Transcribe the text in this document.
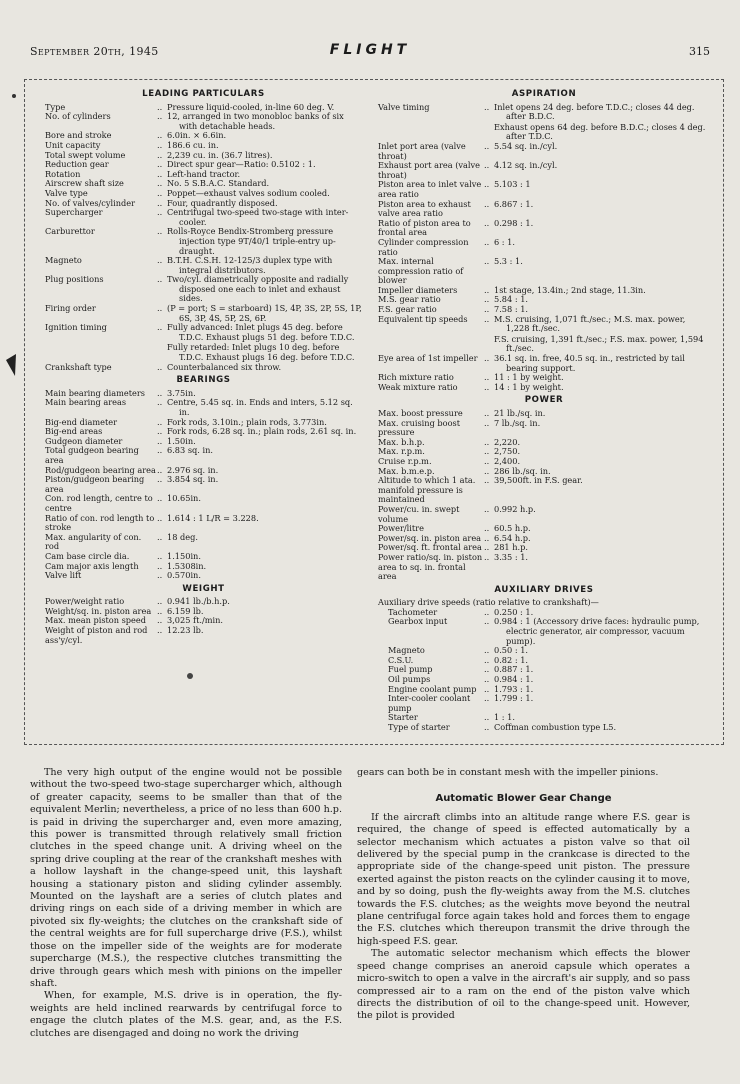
September 20th, 1945	FLIGHT	315
LEADING PARTICULARS
Type	.. Pressure liquid-cooled, in-line 60 deg. V.
No. of cylinders	.. 12, arranged in two monobloc banks of six with detachable heads.
Bore and stroke	.. 6.0in. × 6.6in.
Unit capacity	.. 186.6 cu. in.
Total swept volume	.. 2,239 cu. in. (36.7 litres).
Reduction gear	.. Direct spur gear—Ratio: 0.5102 : 1.
Rotation	.. Left-hand tractor.
Airscrew shaft size	.. No. 5 S.B.A.C. Standard.
Valve type	.. Poppet—exhaust valves sodium cooled.
No. of valves/cylinder	.. Four, quadrantly disposed.
Supercharger	.. Centrifugal two-speed two-stage with inter-cooler.
Carburettor	.. Rolls-Royce Bendix-Stromberg pressure injection type 9T/40/1 triple-entry up-draught.
Magneto	.. B.T.H. C.S.H. 12-125/3 duplex type with integral distributors.
Plug positions	.. Two/cyl. diametrically opposite and radially disposed one each to inlet and exhaust sides.
Firing order	.. (P = port; S = starboard) 1S, 4P, 3S, 2P, 5S, 1P, 6S, 3P, 4S, 5P, 2S, 6P.
Ignition timing	.. Fully advanced: Inlet plugs 45 deg. before T.D.C. Exhaust plugs 51 deg. before T.D.C.
Fully retarded: Inlet plugs 10 deg. before T.D.C. Exhaust plugs 16 deg. before T.D.C.
Crankshaft type	.. Counterbalanced six throw.
BEARINGS
Main bearing diameters	.. 3.75in.
Main bearing areas	.. Centre, 5.45 sq. in. Ends and inters, 5.12 sq. in.
Big-end diameter	.. Fork rods, 3.10in.; plain rods, 3.773in.
Big-end areas	.. Fork rods, 6.28 sq. in.; plain rods, 2.61 sq. in.
Gudgeon diameter	.. 1.50in.
Total gudgeon bearing area
.. 6.83 sq. in.
Rod/gudgeon bearing area .. 2.976 sq. in.
Piston/gudgeon bearing area
.. 3.854 sq. in.
Con. rod length, centre to centre
.. 10.65in.
Ratio of con. rod length to stroke
.. 1.614 : 1 L/R = 3.228.
Max. angularity of con. rod
.. 18 deg.
Cam base circle dia.	.. 1.150in.
Cam major axis length	.. 1.5308in.
Valve lift	.. 0.570in.
WEIGHT
Power/weight ratio	.. 0.941 lb./b.h.p.
Weight/sq. in. piston area .. 6.159 lb.
Max. mean piston speed	.. 3,025 ft./min.
Weight of piston and rod ass'y/cyl.
.. 12.23 lb.
ASPIRATION
Valve timing	.. Inlet opens 24 deg. before T.D.C.; closes 44 deg. after B.D.C.
Exhaust opens 64 deg. before B.D.C.; closes 4 deg. after T.D.C.
Inlet port area (valve throat)
.. 5.54 sq. in./cyl.
Exhaust port area (valve throat)
.. 4.12 sq. in./cyl.
Piston area to inlet valve area ratio
.. 5.103 : 1
Piston area to exhaust valve area ratio
.. 6.867 : 1.
Ratio of piston area to frontal area
.. 0.298 : 1.
Cylinder compression ratio
.. 6 : 1.
Max. internal compression ratio of blower
.. 5.3 : 1.
Impeller diameters	.. 1st stage, 13.4in.; 2nd stage, 11.3in.
M.S. gear ratio	.. 5.84 : 1.
F.S. gear ratio	.. 7.58 : 1.
Equivalent tip speeds	.. M.S. cruising, 1,071 ft./sec.; M.S. max. power, 1,228 ft./sec.
F.S. cruising, 1,391 ft./sec.; F.S. max. power, 1,594 ft./sec.
Eye area of 1st impeller .. 36.1 sq. in. free, 40.5 sq. in., restricted by tail bearing support.
Rich mixture ratio	.. 11 : 1 by weight.
Weak mixture ratio	.. 14 : 1 by weight.
POWER
Max. boost pressure	.. 21 lb./sq. in.
Max. cruising boost pressure
.. 7 lb./sq. in.
Max. b.h.p.	.. 2,220.
Max. r.p.m.	.. 2,750.
Cruise r.p.m.	.. 2,400.
Max. b.m.e.p.	.. 286 lb./sq. in.
Altitude to which 1 ata. manifold pressure is maintained
.. 39,500ft. in F.S. gear.
Power/cu. in. swept volume
.. 0.992 h.p.
Power/litre	.. 60.5 h.p.
Power/sq. in. piston area .. 6.54 h.p.
Power/sq. ft. frontal area .. 281 h.p.
Power ratio/sq. in. piston area to sq. in. frontal area
.. 3.35 : 1.
AUXILIARY DRIVES
Auxiliary drive speeds (ratio relative to crankshaft)—
Tachometer	.. 0.250 : 1.
Gearbox input	.. 0.984 : 1 (Accessory drive faces: hydraulic pump, electric generator, air compressor, vacuum pump).
Magneto	.. 0.50 : 1.
C.S.U.	.. 0.82 : 1.
Fuel pump	.. 0.887 : 1.
Oil pumps	.. 0.984 : 1.
Engine coolant pump .. 1.793 : 1.
Inter-cooler coolant pump
.. 1.799 : 1.
Starter	.. 1 : 1.
Type of starter	.. Coffman combustion type L5.

The very high output of the engine would not be possible without the two-speed two-stage supercharger which, although of greater capacity, seems to be smaller than that of the equivalent Merlin; nevertheless, a price of no less than 600 h.p. is paid in driving the supercharger and, even more amazing, this power is transmitted through relatively small friction clutches in the speed change unit. A driving wheel on the spring drive coupling at the rear of the crankshaft meshes with a hollow layshaft in the change-speed unit, this layshaft housing a stationary piston and sliding cylinder assembly. Mounted on the layshaft are a series of clutch plates and driving rings on each side of a driving member in which are pivoted six fly-weights; the clutches on the crankshaft side of the central weights are for full supercharge drive (F.S.), whilst those on the impeller side of the weights are for moderate supercharge (M.S.), the respective clutches transmitting the drive through gears which mesh with pinions on the impeller shaft.

When, for example, M.S. drive is in operation, the fly-weights are held inclined rearwards by centrifugal force to engage the clutch plates of the M.S. gear, and, as the F.S. clutches are disengaged and doing no work the driving

gears can both be in constant mesh with the impeller pinions.

Automatic Blower Gear Change

If the aircraft climbs into an altitude range where F.S. gear is required, the change of speed is effected automatically by a selector mechanism which actuates a piston valve so that oil delivered by the special pump in the crankcase is directed to the appropriate side of the change-speed unit piston. The pressure exerted against the piston reacts on the cylinder causing it to move, and by so doing, push the fly-weights away from the M.S. clutches towards the F.S. clutches; as the weights move beyond the neutral plane centrifugal force again takes hold and forces them to engage the F.S. clutches which thereupon transmit the drive through the high-speed F.S. gear.

The automatic selector mechanism which effects the blower speed change comprises an aneroid capsule which operates a micro-switch to open a valve in the aircraft's air supply, and so pass compressed air to a ram on the end of the piston valve which directs the distribution of oil to the change-speed unit. However, the pilot is provided
